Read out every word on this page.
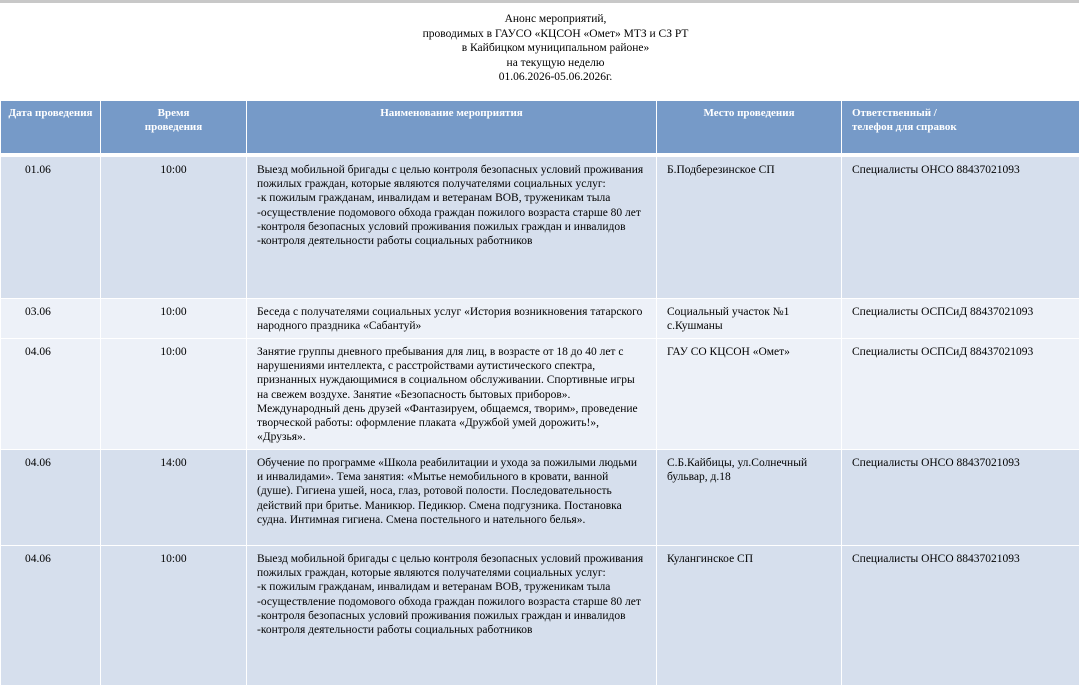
Анонс мероприятий,
проводимых в ГАУСО «КЦСОН «Омет» МТЗ и СЗ РТ
в Кайбицком муниципальном районе»
на текущую неделю
01.06.2026-05.06.2026г.
Дата проведения	Время проведения	Наименование мероприятия	Место проведения	Ответственный /телефон для справок

01.06	10:00	Выезд мобильной бригады с целью контроля безопасных условий проживания пожилых граждан, которые являются получателями социальных услуг:
-к пожилым гражданам, инвалидам и ветеранам ВОВ, труженикам тыла
-осуществление подомового обхода граждан пожилого возраста старше 80 лет
-контроля безопасных условий проживания пожилых граждан и инвалидов
-контроля деятельности работы социальных работников	Б.Подберезинское СП	Специалисты ОНСО 88437021093
03.06	10:00	Беседа с получателями социальных услуг «История возникновения татарского народного праздника «Сабантуй»	Социальный участок №1 с.Кушманы	Специалисты ОСПСиД 88437021093
04.06	10:00	Занятие группы дневного пребывания для лиц, в возрасте от 18 до 40 лет с нарушениями интеллекта, с расстройствами аутистического спектра, признанных нуждающимися в социальном обслуживании. Спортивные игры на свежем воздухе. Занятие «Безопасность бытовых приборов». Международный день друзей «Фантазируем, общаемся, творим», проведение творческой работы: оформление плаката «Дружбой умей дорожить!», «Друзья».	ГАУ СО КЦСОН «Омет»	Специалисты ОСПСиД 88437021093
04.06	14:00	Обучение по программе «Школа реабилитации и ухода за пожилыми людьми и инвалидами». Тема занятия: «Мытье немобильного в кровати, ванной (душе). Гигиена ушей, носа, глаз, ротовой полости. Последовательность действий при бритье. Маникюр. Педикюр. Смена подгузника. Постановка судна. Интимная гигиена. Смена постельного и нательного белья».	С.Б.Кайбицы, ул.Солнечный бульвар, д.18	Специалисты ОНСО 88437021093
04.06	10:00	Выезд мобильной бригады с целью контроля безопасных условий проживания пожилых граждан, которые являются получателями социальных услуг:
-к пожилым гражданам, инвалидам и ветеранам ВОВ, труженикам тыла
-осуществление подомового обхода граждан пожилого возраста старше 80 лет
-контроля безопасных условий проживания пожилых граждан и инвалидов
-контроля деятельности работы социальных работников	Кулангинское СП	Специалисты ОНСО 88437021093
